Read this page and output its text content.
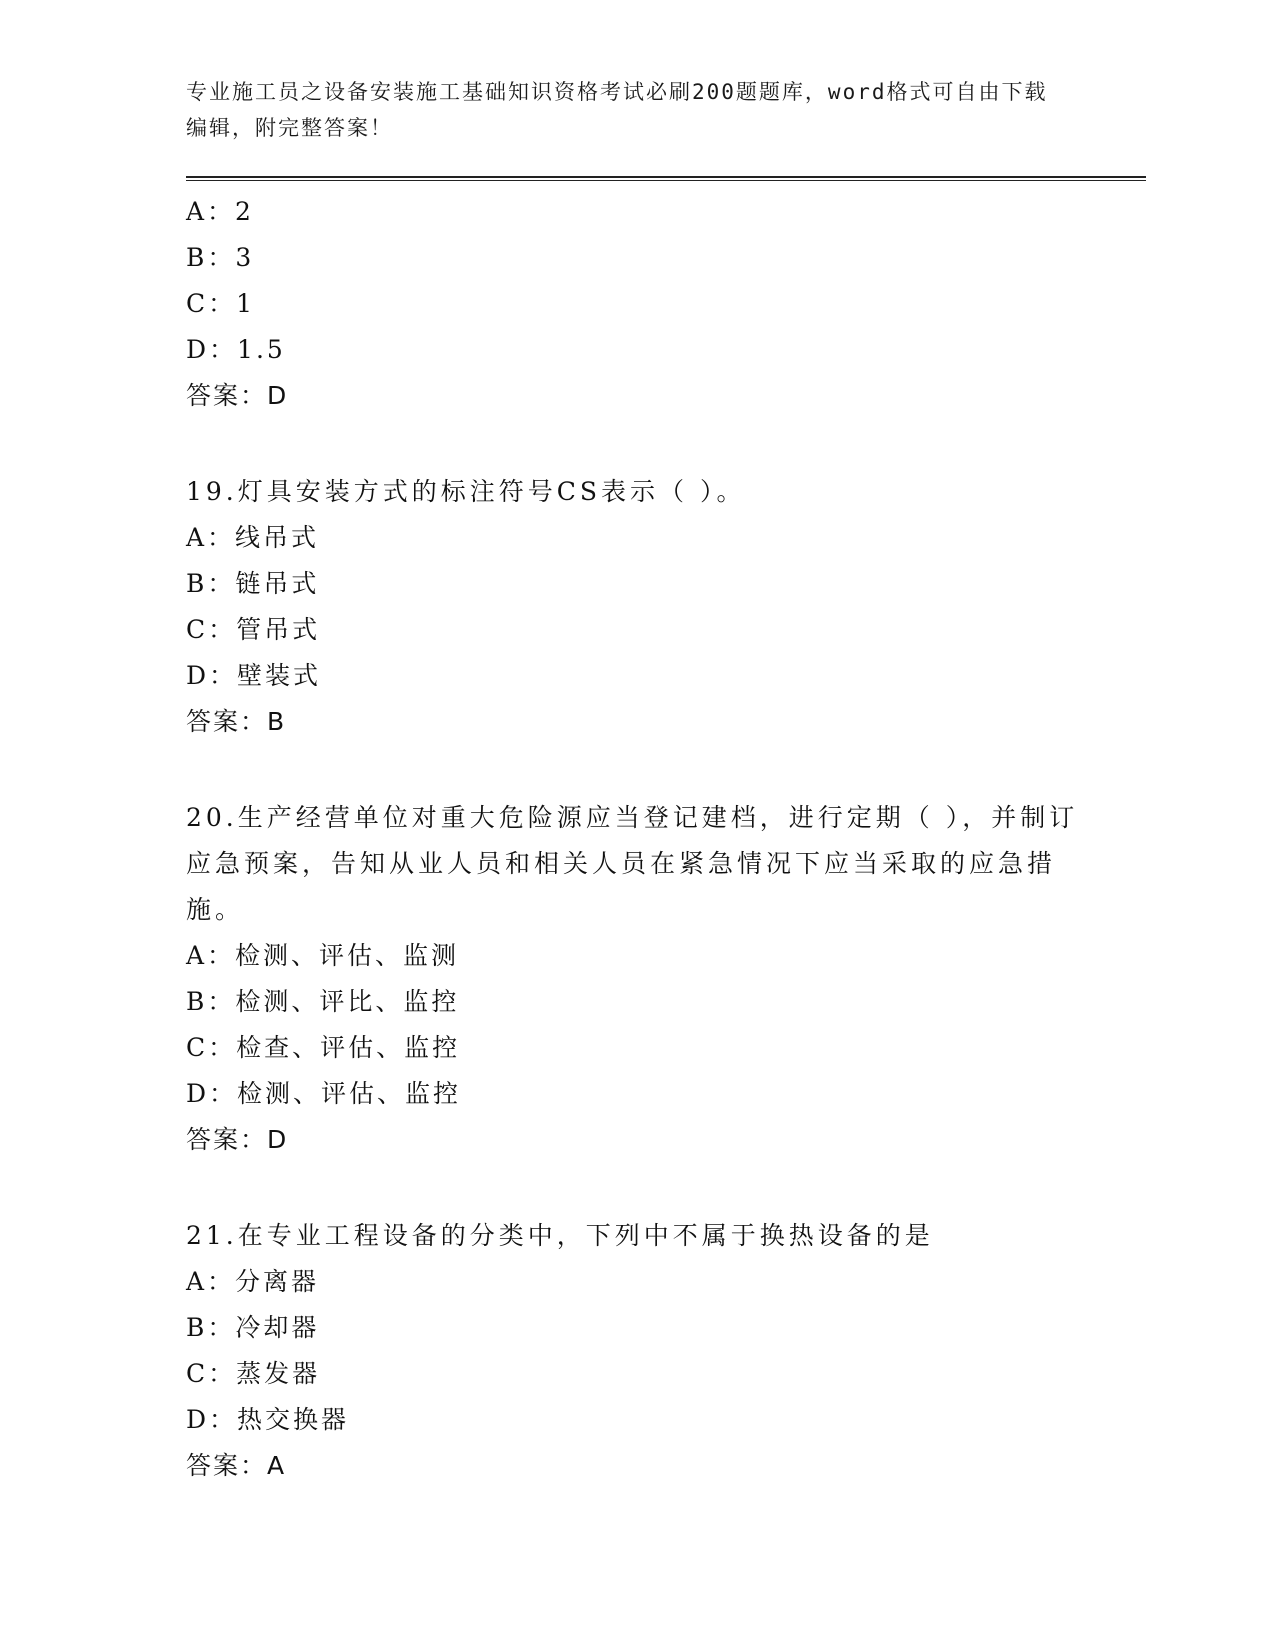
专业施工员之设备安装施工基础知识资格考试必刷200题题库，word格式可自由下载编辑，附完整答案！
A：2
B：3
C：1
D：1.5
答案：D
19.灯具安装方式的标注符号CS表示（ ）。
A：线吊式
B：链吊式
C：管吊式
D：壁装式
答案：B
20.生产经营单位对重大危险源应当登记建档，进行定期（ ），并制订应急预案，告知从业人员和相关人员在紧急情况下应当采取的应急措施。
A：检测、评估、监测
B：检测、评比、监控
C：检查、评估、监控
D：检测、评估、监控
答案：D
21.在专业工程设备的分类中，下列中不属于换热设备的是
A：分离器
B：冷却器
C：蒸发器
D：热交换器
答案：A
